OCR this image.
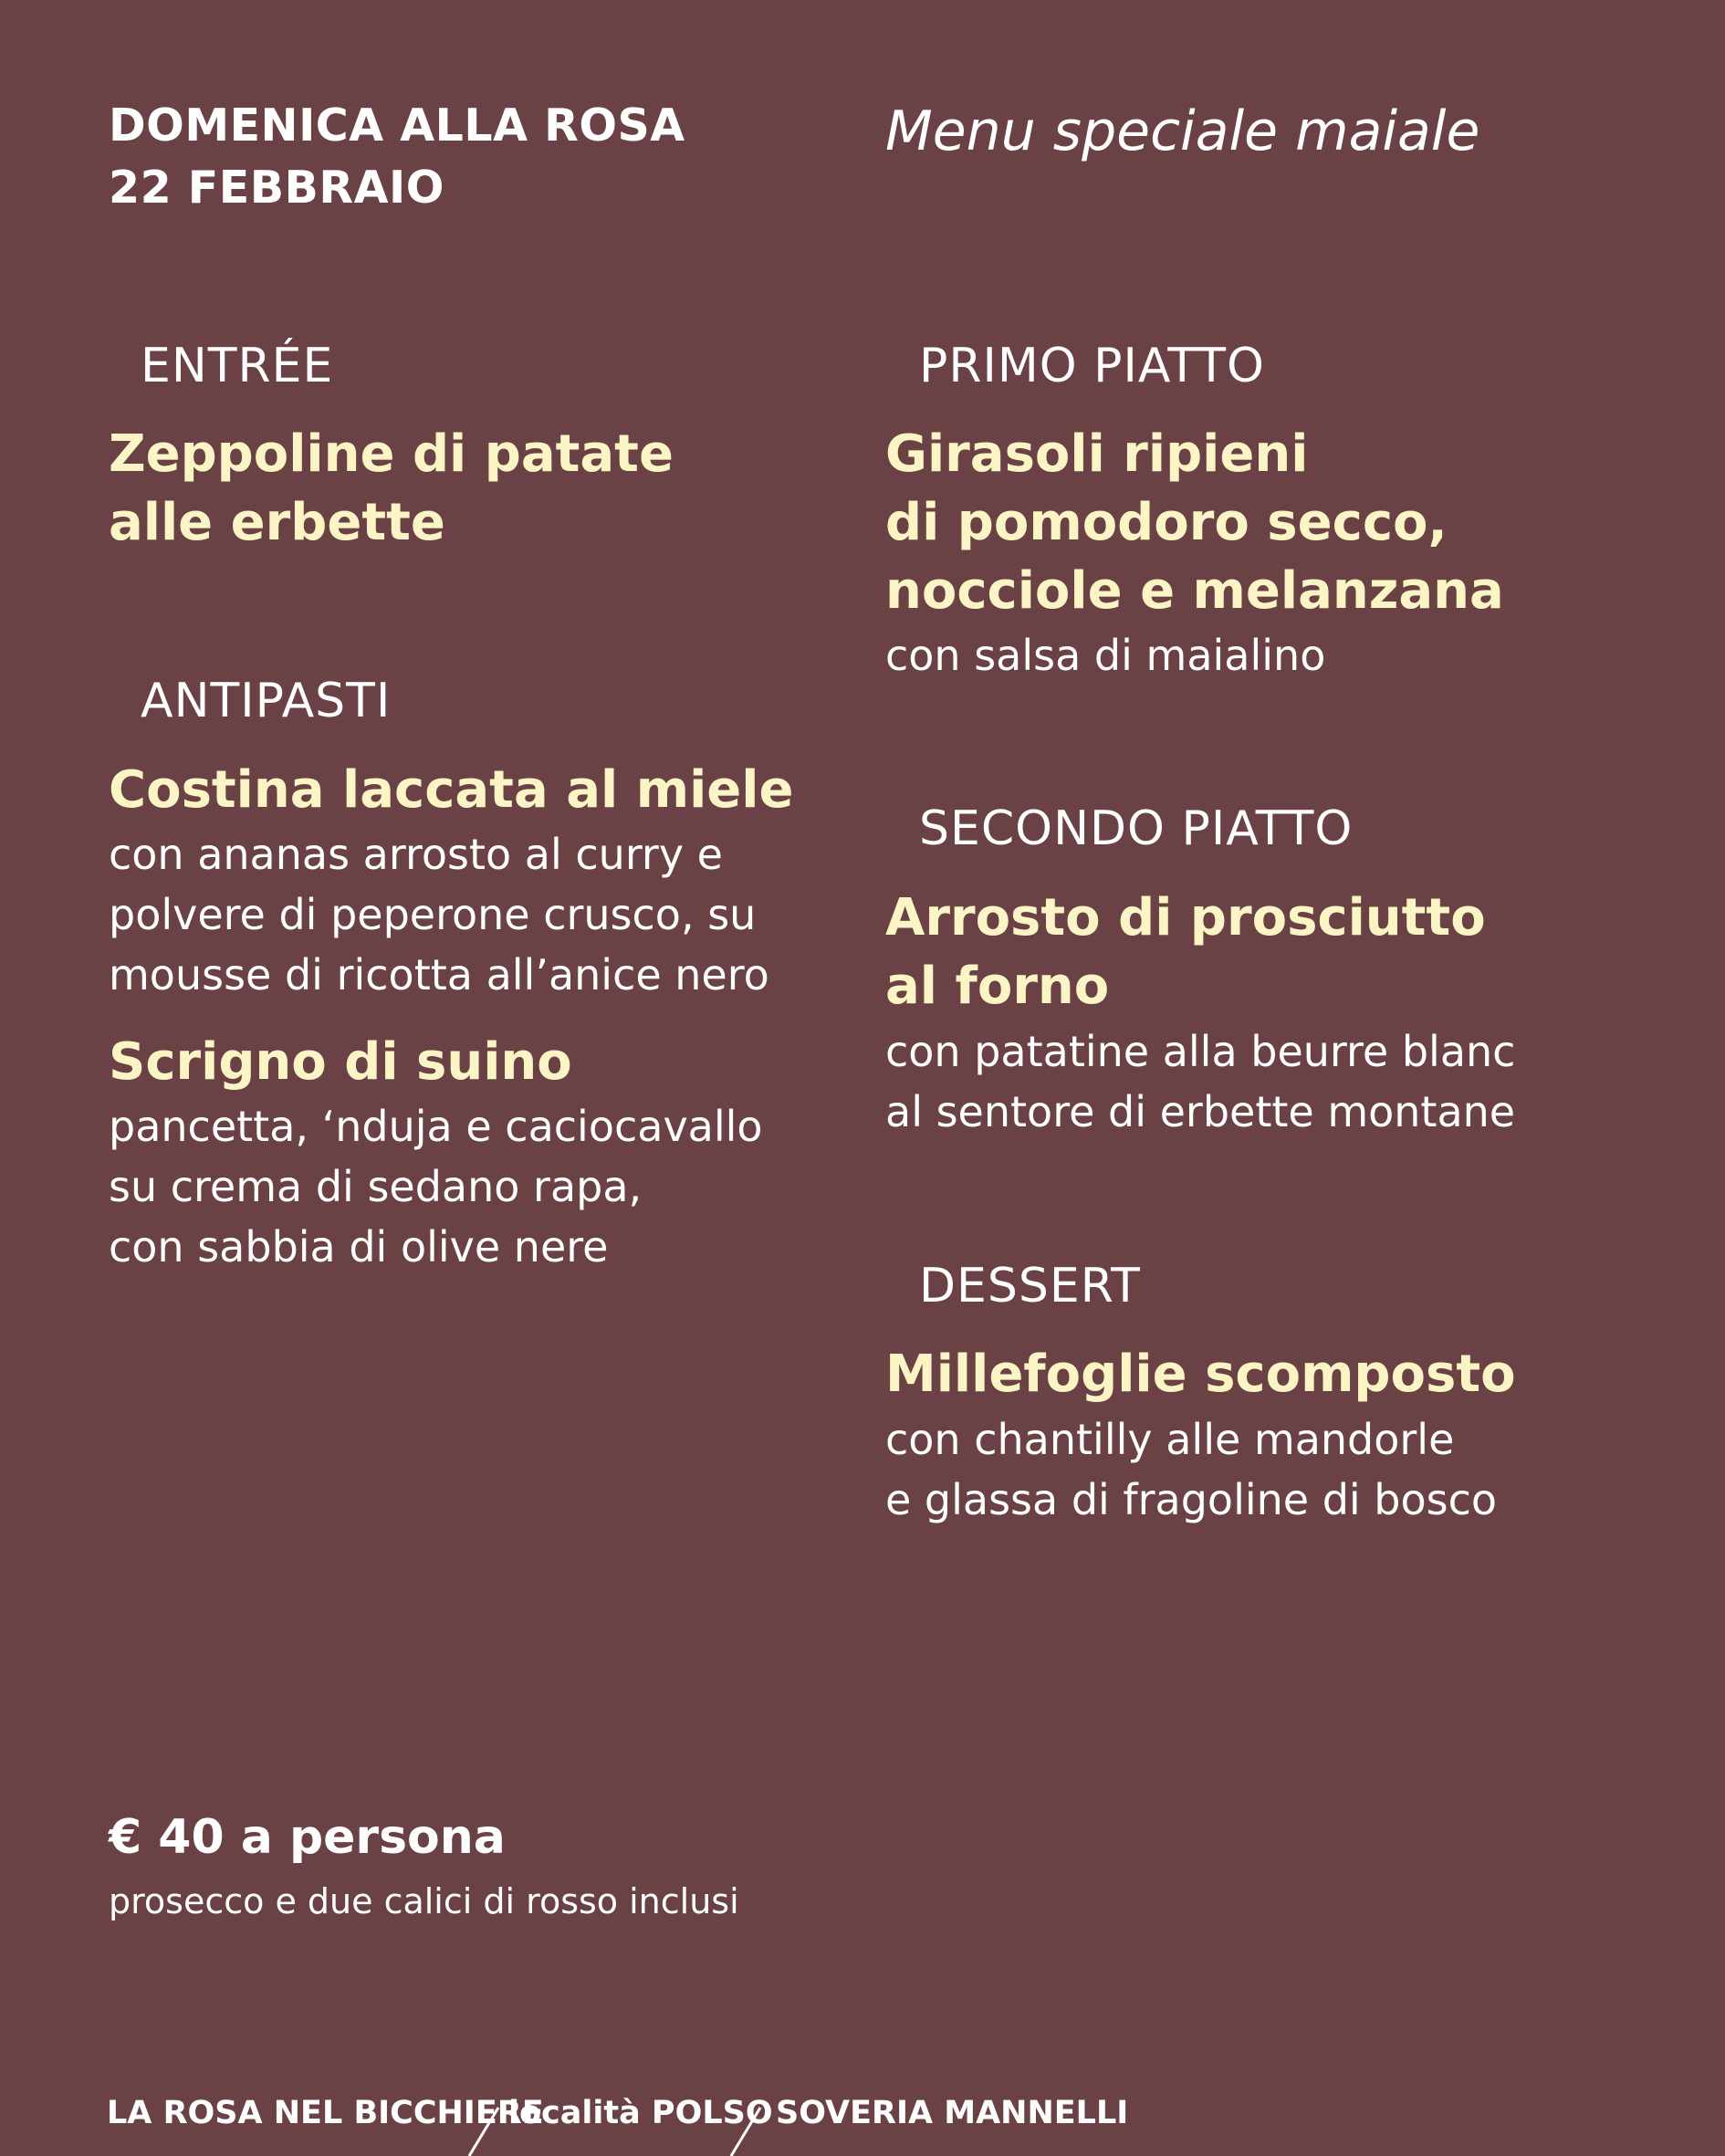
DOMENICA ALLA ROSA
22 FEBBRAIO
Menu speciale maiale
ENTRÉE
Zeppoline di patate
alle erbette
ANTIPASTI
Costina laccata al miele
con ananas arrosto al curry e
polvere di peperone crusco, su
mousse di ricotta all’anice nero
Scrigno di suino
pancetta, ‘nduja e caciocavallo
su crema di sedano rapa,
con sabbia di olive nere
PRIMO PIATTO
Girasoli ripieni
di pomodoro secco,
nocciole e melanzana
con salsa di maialino
SECONDO PIATTO
Arrosto di prosciutto
al forno
con patatine alla beurre blanc
al sentore di erbette montane
DESSERT
Millefoglie scomposto
con chantilly alle mandorle
e glassa di fragoline di bosco
€ 40 a persona
prosecco e due calici di rosso inclusi
LA ROSA NEL BICCHIERE
località POLSO SOVERIA MANNELLI
